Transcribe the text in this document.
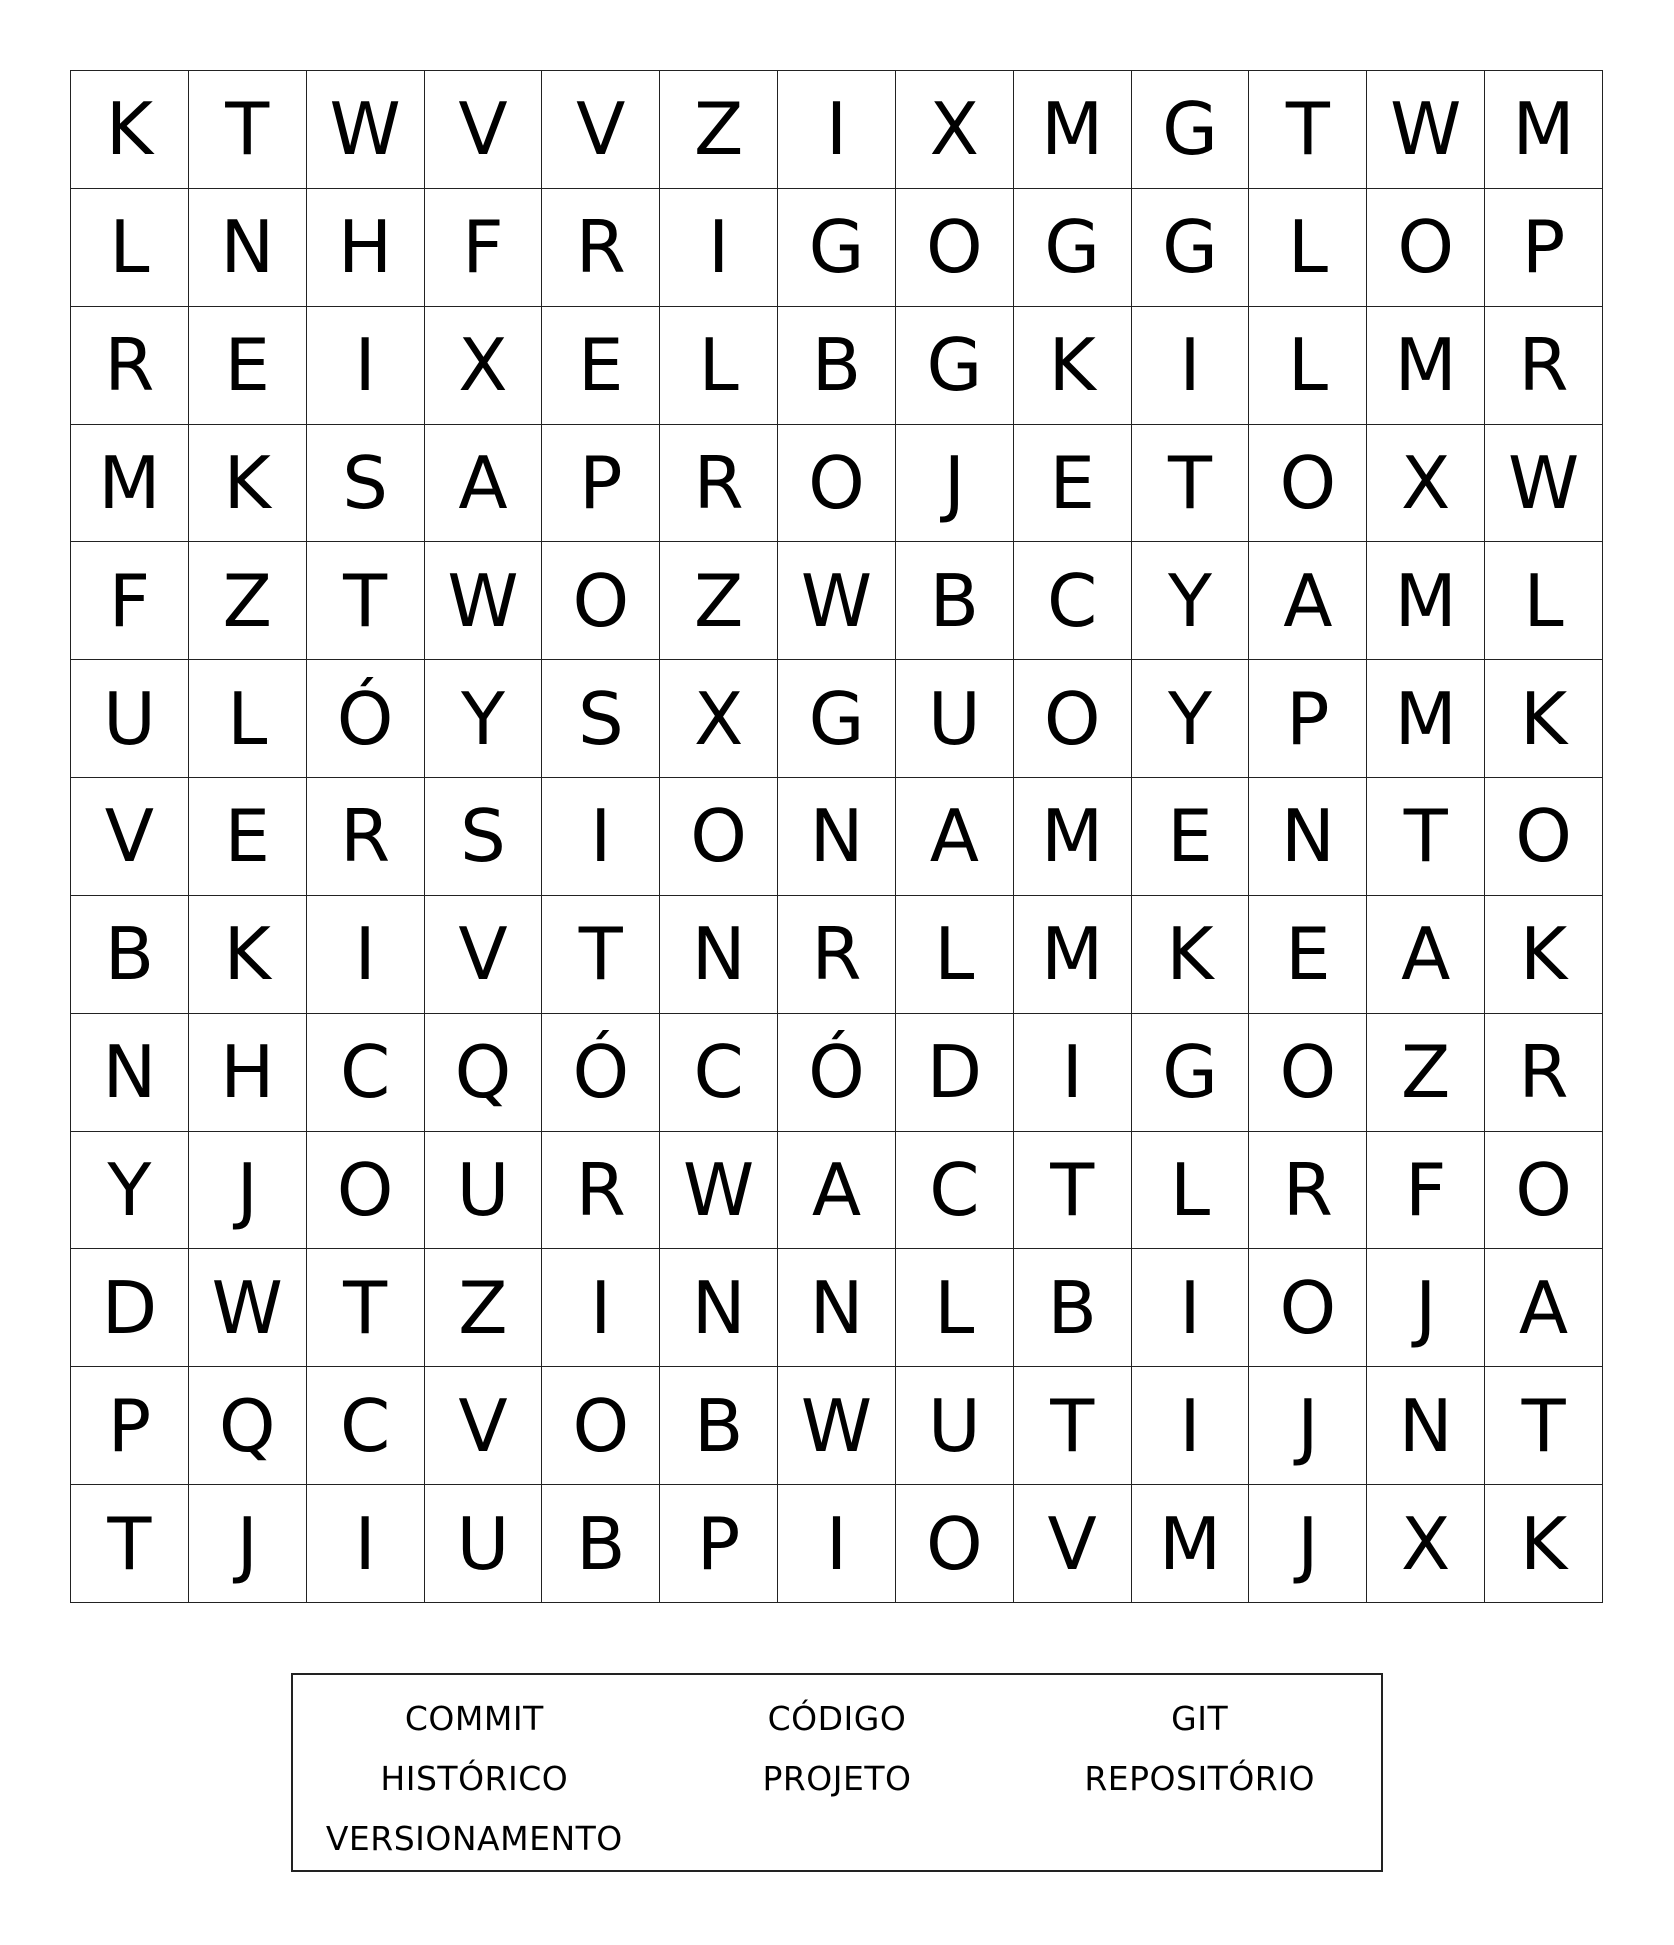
K	T W V V Z	I	X M G T W M
L N H F	R	I	G O G G L O P
R E	I	X E	L	B G K	I	L M R
M K S A P R O	J	E	T O X W
F	Z T W O Z W B C Y A M L
U L Ó Y	S X G U O Y	P M K
V E R S	I	O N A M E N T O
B K	I	V T N R	L M K E A K
N H C Q Ó C Ó D	I	G O Z R
Y	J	O U R W A C T	L	R	F O
D W T Z	I	N N L	B	I	O	J	A
P Q C V O B W U T	I	J	N T
T	J	I	U B P	I	O V M	J	X K
COMMIT	CÓDIGO	GIT
HISTÓRICO	PROJETO	REPOSITÓRIO
VERSIONAMENTO
